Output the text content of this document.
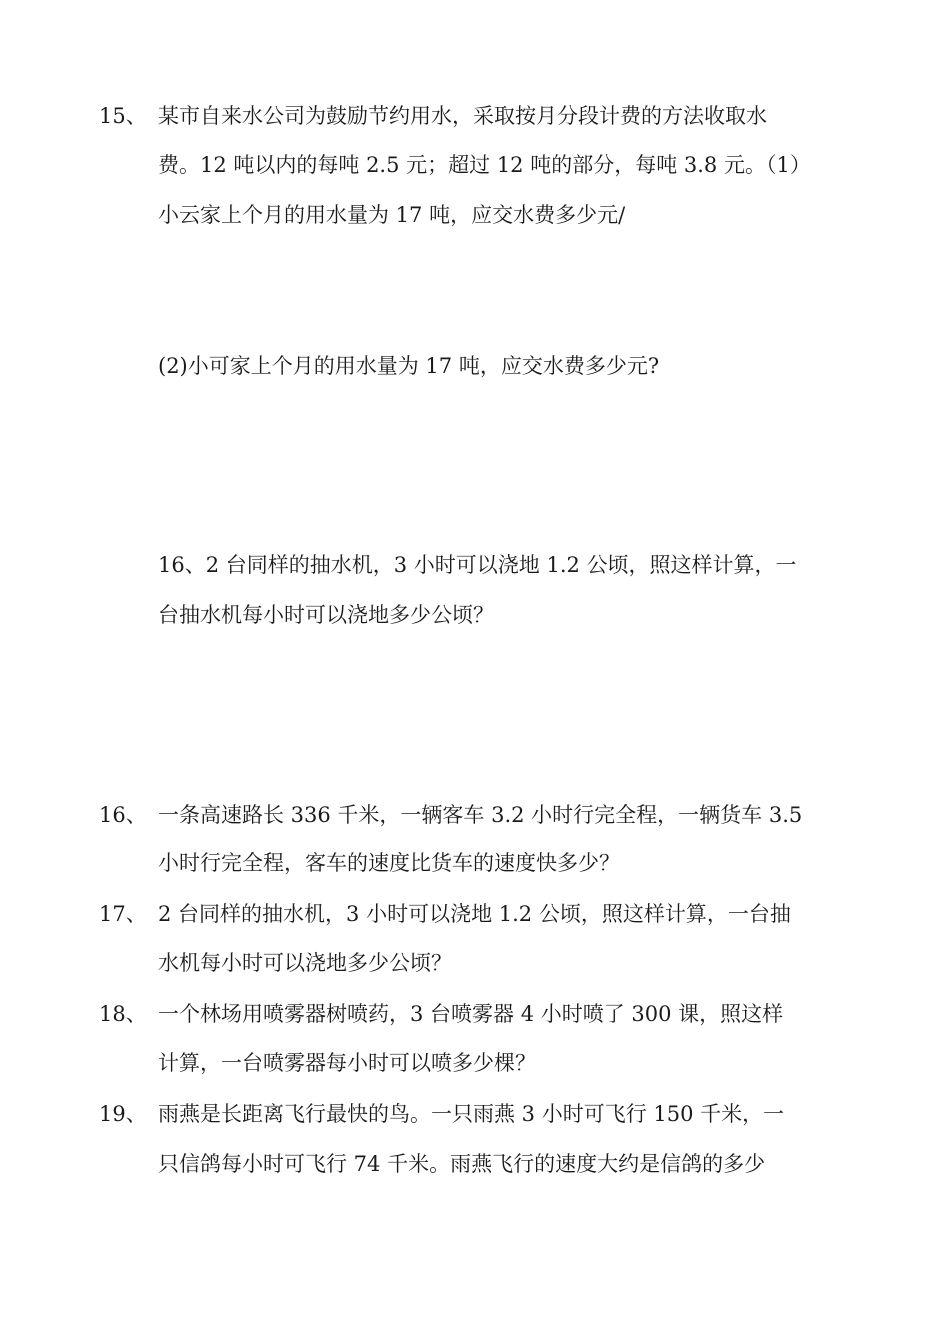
15、 某市自来水公司为鼓励节约用水，采取按月分段计费的方法收取水
费。12 吨以内的每吨 2.5 元；超过 12 吨的部分，每吨 3.8 元。（1）
小云家上个月的用水量为 17 吨，应交水费多少元/
(2)小可家上个月的用水量为 17 吨，应交水费多少元?
16、2 台同样的抽水机，3 小时可以浇地 1.2 公顷，照这样计算，一
台抽水机每小时可以浇地多少公顷？
16、 一条高速路长 336 千米，一辆客车 3.2 小时行完全程，一辆货车 3.5
小时行完全程，客车的速度比货车的速度快多少？
17、 2 台同样的抽水机，3 小时可以浇地 1.2 公顷，照这样计算，一台抽
水机每小时可以浇地多少公顷？
18、 一个林场用喷雾器树喷药，3 台喷雾器 4 小时喷了 300 课，照这样
计算，一台喷雾器每小时可以喷多少棵？
19、 雨燕是长距离飞行最快的鸟。一只雨燕 3 小时可飞行 150 千米，一
只信鸽每小时可飞行 74 千米。雨燕飞行的速度大约是信鸽的多少
